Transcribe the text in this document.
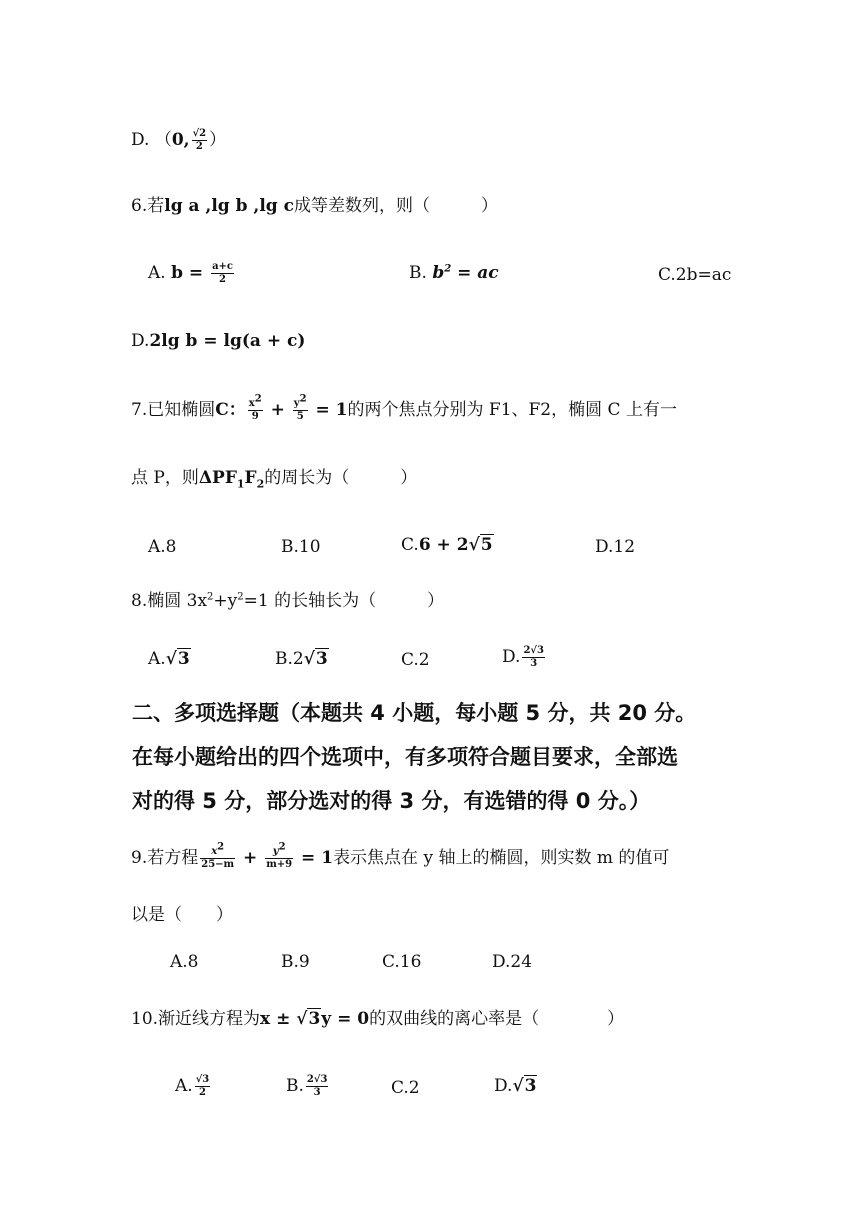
D. （0, $\frac{√2}{2}$ ）
6.若lg a ,lg b ,lg c成等差数列，则（　　　）
A. $b = \frac{a+c}{2}$	B. $b^2$ = ac	C.2b=ac
D.2lg b = lg(a + c)
7.已知椭圆C： $\frac{x^2}{9} + \frac{y^2}{5} = 1$的两个焦点分别为 F1、F2，椭圆 C 上有一
点 P，则$\Delta PF_1F_2$的周长为（　　　）
A.8	B.10	C.6 + 2√5	D.12
8.椭圆 $3x^2+y^2=1$ 的长轴长为（　　　）
A.√3	B.2√3	C.2	D. $\frac{2√3}{3}$
二、多项选择题（本题共 4 小题，每小题 5 分，共 20 分。
在每小题给出的四个选项中，有多项符合题目要求，全部选
对的得 5 分，部分选对的得 3 分，有选错的得 0 分。）
9.若方程 $\frac{x^2}{25-m} + \frac{y^2}{m+9} = 1$表示焦点在 y 轴上的椭圆，则实数 m 的值可
以是（　　）
A.8	B.9	C.16	D.24
10.渐近线方程为x ± √3y = 0的双曲线的离心率是（　　　　）
A. $\frac{√3}{2}$	B. $\frac{2√3}{3}$	C.2	D.√3
